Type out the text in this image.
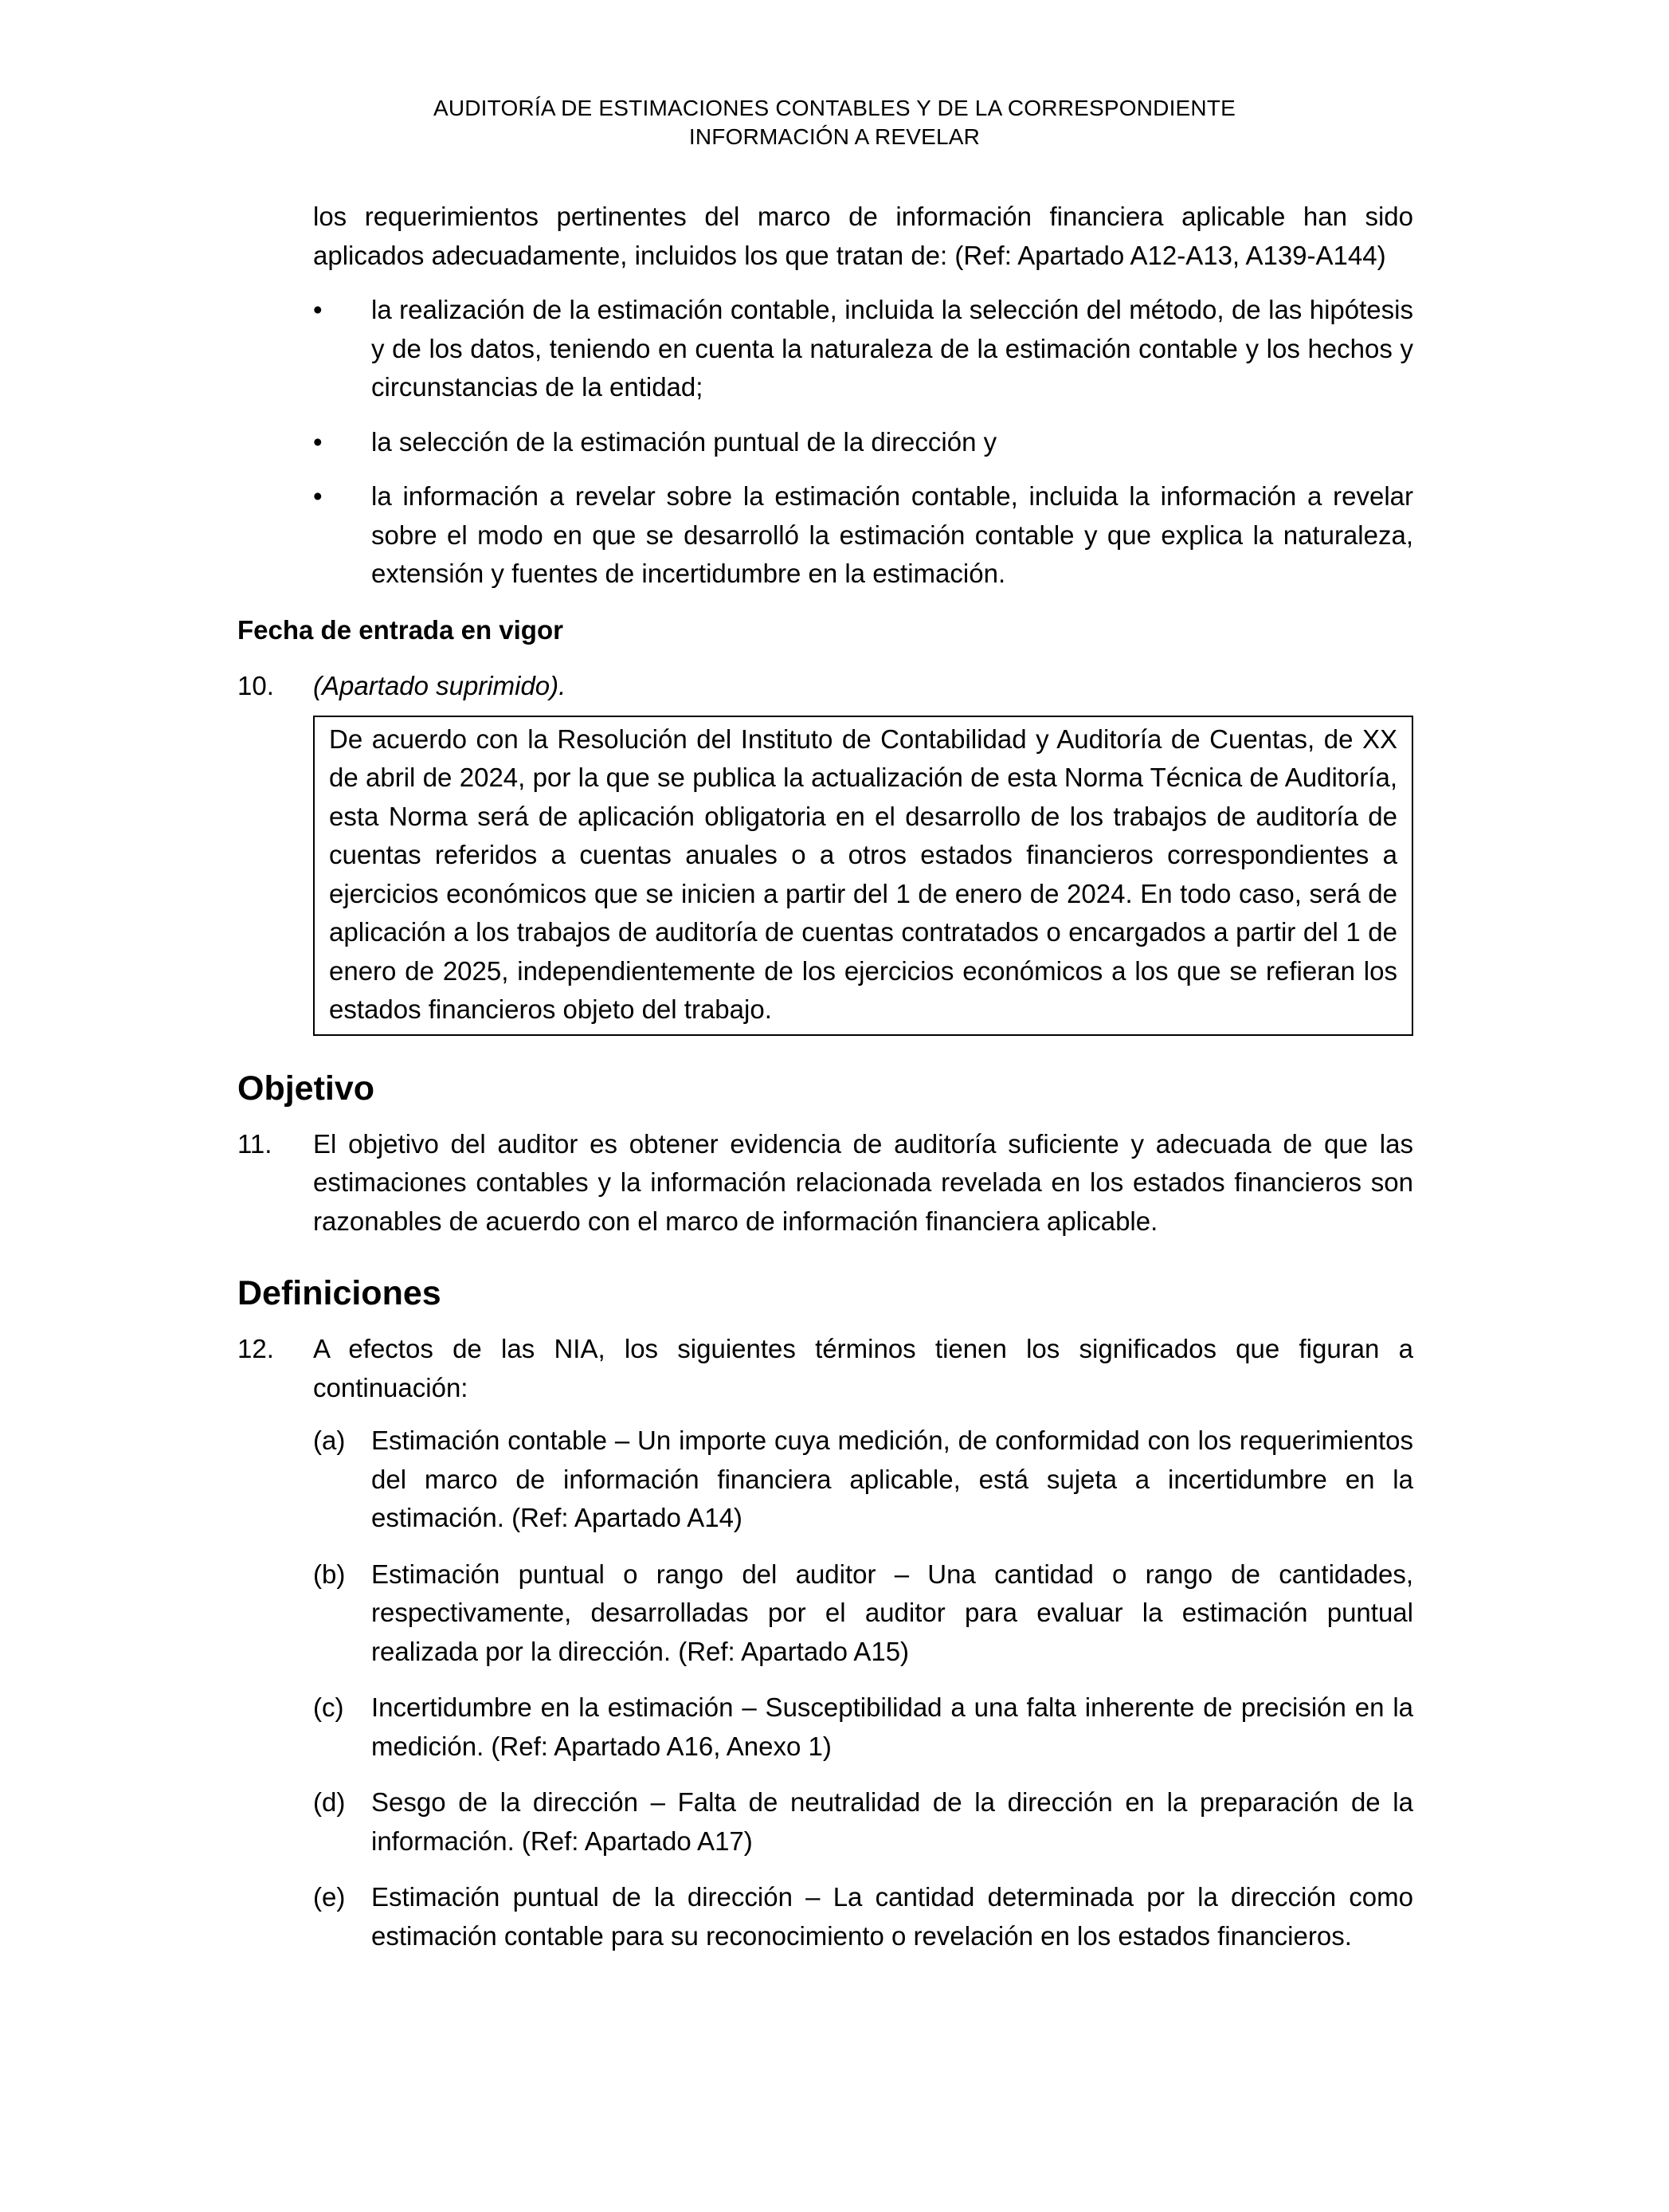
AUDITORÍA DE ESTIMACIONES CONTABLES Y DE LA CORRESPONDIENTE
INFORMACIÓN A REVELAR
los requerimientos pertinentes del marco de información financiera aplicable han sido aplicados adecuadamente, incluidos los que tratan de: (Ref: Apartado A12-A13, A139-A144)
•	la realización de la estimación contable, incluida la selección del método, de las hipótesis y de los datos, teniendo en cuenta la naturaleza de la estimación contable y los hechos y circunstancias de la entidad;
•	la selección de la estimación puntual de la dirección y
•	la información a revelar sobre la estimación contable, incluida la información a revelar sobre el modo en que se desarrolló la estimación contable y que explica la naturaleza, extensión y fuentes de incertidumbre en la estimación.
Fecha de entrada en vigor
10. (Apartado suprimido).
De acuerdo con la Resolución del Instituto de Contabilidad y Auditoría de Cuentas, de XX de abril de 2024, por la que se publica la actualización de esta Norma Técnica de Auditoría, esta Norma será de aplicación obligatoria en el desarrollo de los trabajos de auditoría de cuentas referidos a cuentas anuales o a otros estados financieros correspondientes a ejercicios económicos que se inicien a partir del 1 de enero de 2024. En todo caso, será de aplicación a los trabajos de auditoría de cuentas contratados o encargados a partir del 1 de enero de 2025, independientemente de los ejercicios económicos a los que se refieran los estados financieros objeto del trabajo.
Objetivo
11. El objetivo del auditor es obtener evidencia de auditoría suficiente y adecuada de que las estimaciones contables y la información relacionada revelada en los estados financieros son razonables de acuerdo con el marco de información financiera aplicable.
Definiciones
12. A efectos de las NIA, los siguientes términos tienen los significados que figuran a continuación:
(a) Estimación contable – Un importe cuya medición, de conformidad con los requerimientos del marco de información financiera aplicable, está sujeta a incertidumbre en la estimación. (Ref: Apartado A14)
(b) Estimación puntual o rango del auditor – Una cantidad o rango de cantidades, respectivamente, desarrolladas por el auditor para evaluar la estimación puntual realizada por la dirección. (Ref: Apartado A15)
(c) Incertidumbre en la estimación – Susceptibilidad a una falta inherente de precisión en la medición. (Ref: Apartado A16, Anexo 1)
(d) Sesgo de la dirección – Falta de neutralidad de la dirección en la preparación de la información. (Ref: Apartado A17)
(e) Estimación puntual de la dirección – La cantidad determinada por la dirección como estimación contable para su reconocimiento o revelación en los estados financieros.
